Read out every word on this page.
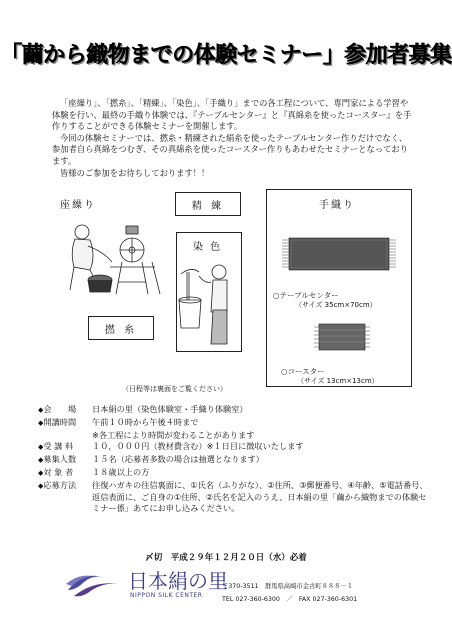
「繭から織物までの体験セミナー」参加者募集

「座繰り」、「撚糸」、「精練」、「染色」、「手織り」までの各工程について、専門家による学習や体験を行い、最終の手織り体験では、『テーブルセンター』と『真綿糸を使ったコースター』を手作りすることができる体験セミナーを開催します。

今回の体験セミナーでは、撚糸・精練された絹糸を使ったテーブルセンター作りだけでなく、参加者自ら真綿をつむぎ、その真綿糸を使ったコースター作りもあわせたセミナーとなっております。

皆様のご参加をお待ちしております！！

座繰り	精 練
染 色
撚 糸
（日程等は裏面をご覧ください）
手織り
○テーブルセンター
（サイズ 35cm×70cm）
○コースター
（サイズ 13cm×13cm）
◆会　　場	日本絹の里（染色体験室・手織り体験室）
◆開講時間	午前１０時から午後４時まで
※各工程により時間が変わることがあります
◆受 講 料	１０，０００円（教材費含む）※１日目に徴収いたします
◆募集人数	１５名（応募者多数の場合は抽選となります）
◆対 象 者	１８歳以上の方
◆応募方法	往復ハガキの往信裏面に、①氏名（ふりがな）、②住所、③郵便番号、④年齢、⑤電話番号、返信表面に、ご自身の①住所、②氏名を記入のうえ、日本絹の里「繭から織物までの体験セミナー係」あてにお申し込みください。
〆切　平成２９年１２月２０日（水）必着
日本絹の里
NIPPON SILK CENTER
〒370-3511　群馬県高崎市金古町８８８－１
TEL 027-360-6300　／　FAX 027-360-6301
